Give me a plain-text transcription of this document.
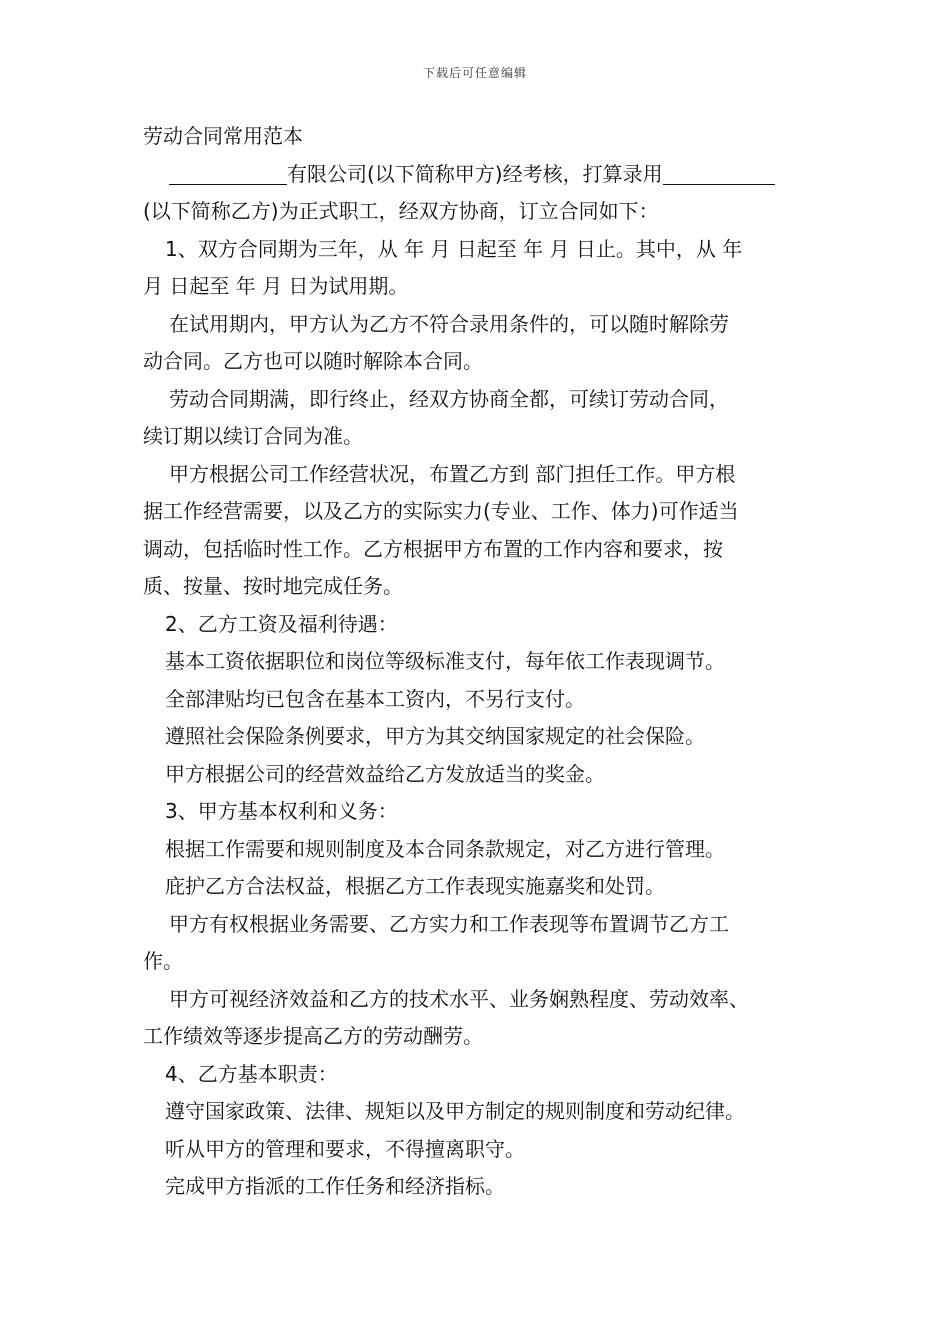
下载后可任意编辑
劳动合同常用范本
有限公司(以下简称甲方)经考核，打算录用
(以下简称乙方)为正式职工，经双方协商，订立合同如下：
1、双方合同期为三年，从 年 月 日起至 年 月 日止。其中，从 年
月 日起至 年 月 日为试用期。
在试用期内，甲方认为乙方不符合录用条件的，可以随时解除劳
动合同。乙方也可以随时解除本合同。
劳动合同期满，即行终止，经双方协商全都，可续订劳动合同，
续订期以续订合同为准。
甲方根据公司工作经营状况，布置乙方到 部门担任工作。甲方根
据工作经营需要，以及乙方的实际实力(专业、工作、体力)可作适当
调动，包括临时性工作。乙方根据甲方布置的工作内容和要求，按
质、按量、按时地完成任务。
2、乙方工资及福利待遇：
基本工资依据职位和岗位等级标准支付，每年依工作表现调节。
全部津贴均已包含在基本工资内，不另行支付。
遵照社会保险条例要求，甲方为其交纳国家规定的社会保险。
甲方根据公司的经营效益给乙方发放适当的奖金。
3、甲方基本权利和义务：
根据工作需要和规则制度及本合同条款规定，对乙方进行管理。
庇护乙方合法权益，根据乙方工作表现实施嘉奖和处罚。
甲方有权根据业务需要、乙方实力和工作表现等布置调节乙方工
作。
甲方可视经济效益和乙方的技术水平、业务娴熟程度、劳动效率、
工作绩效等逐步提高乙方的劳动酬劳。
4、乙方基本职责：
遵守国家政策、法律、规矩以及甲方制定的规则制度和劳动纪律。
听从甲方的管理和要求，不得擅离职守。
完成甲方指派的工作任务和经济指标。
